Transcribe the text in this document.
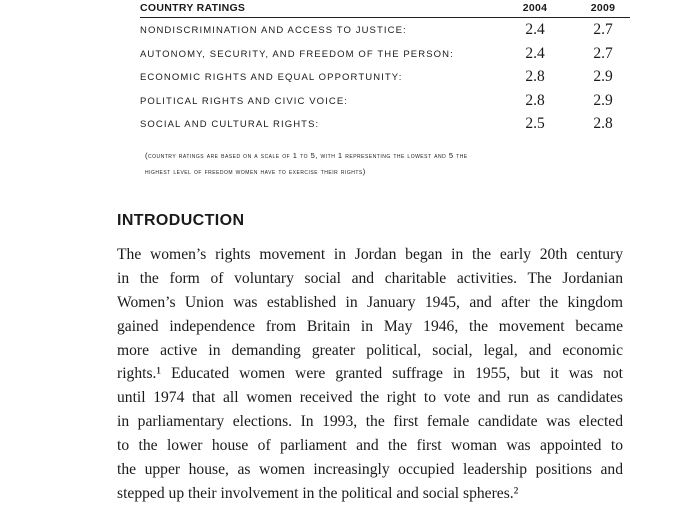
COUNTRY RATINGS	2004	2009
NONDISCRIMINATION AND ACCESS TO JUSTICE:	2.4	2.7
AUTONOMY, SECURITY, AND FREEDOM OF THE PERSON:	2.4	2.7
ECONOMIC RIGHTS AND EQUAL OPPORTUNITY:	2.8	2.9
POLITICAL RIGHTS AND CIVIC VOICE:	2.8	2.9
SOCIAL AND CULTURAL RIGHTS:	2.5	2.8
(country ratings are based on a scale of 1 to 5, with 1 representing the lowest and 5 the
highest level of freedom women have to exercise their rights)
INTRODUCTION

The women’s rights movement in Jordan began in the early 20th century
in the form of voluntary social and charitable activities. The Jordanian
Women’s Union was established in January 1945, and after the kingdom
gained independence from Britain in May 1946, the movement became
more active in demanding greater political, social, legal, and economic
rights.¹ Educated women were granted suffrage in 1955, but it was not
until 1974 that all women received the right to vote and run as candidates
in parliamentary elections. In 1993, the first female candidate was elected
to the lower house of parliament and the first woman was appointed to
the upper house, as women increasingly occupied leadership positions and
stepped up their involvement in the political and social spheres.²
